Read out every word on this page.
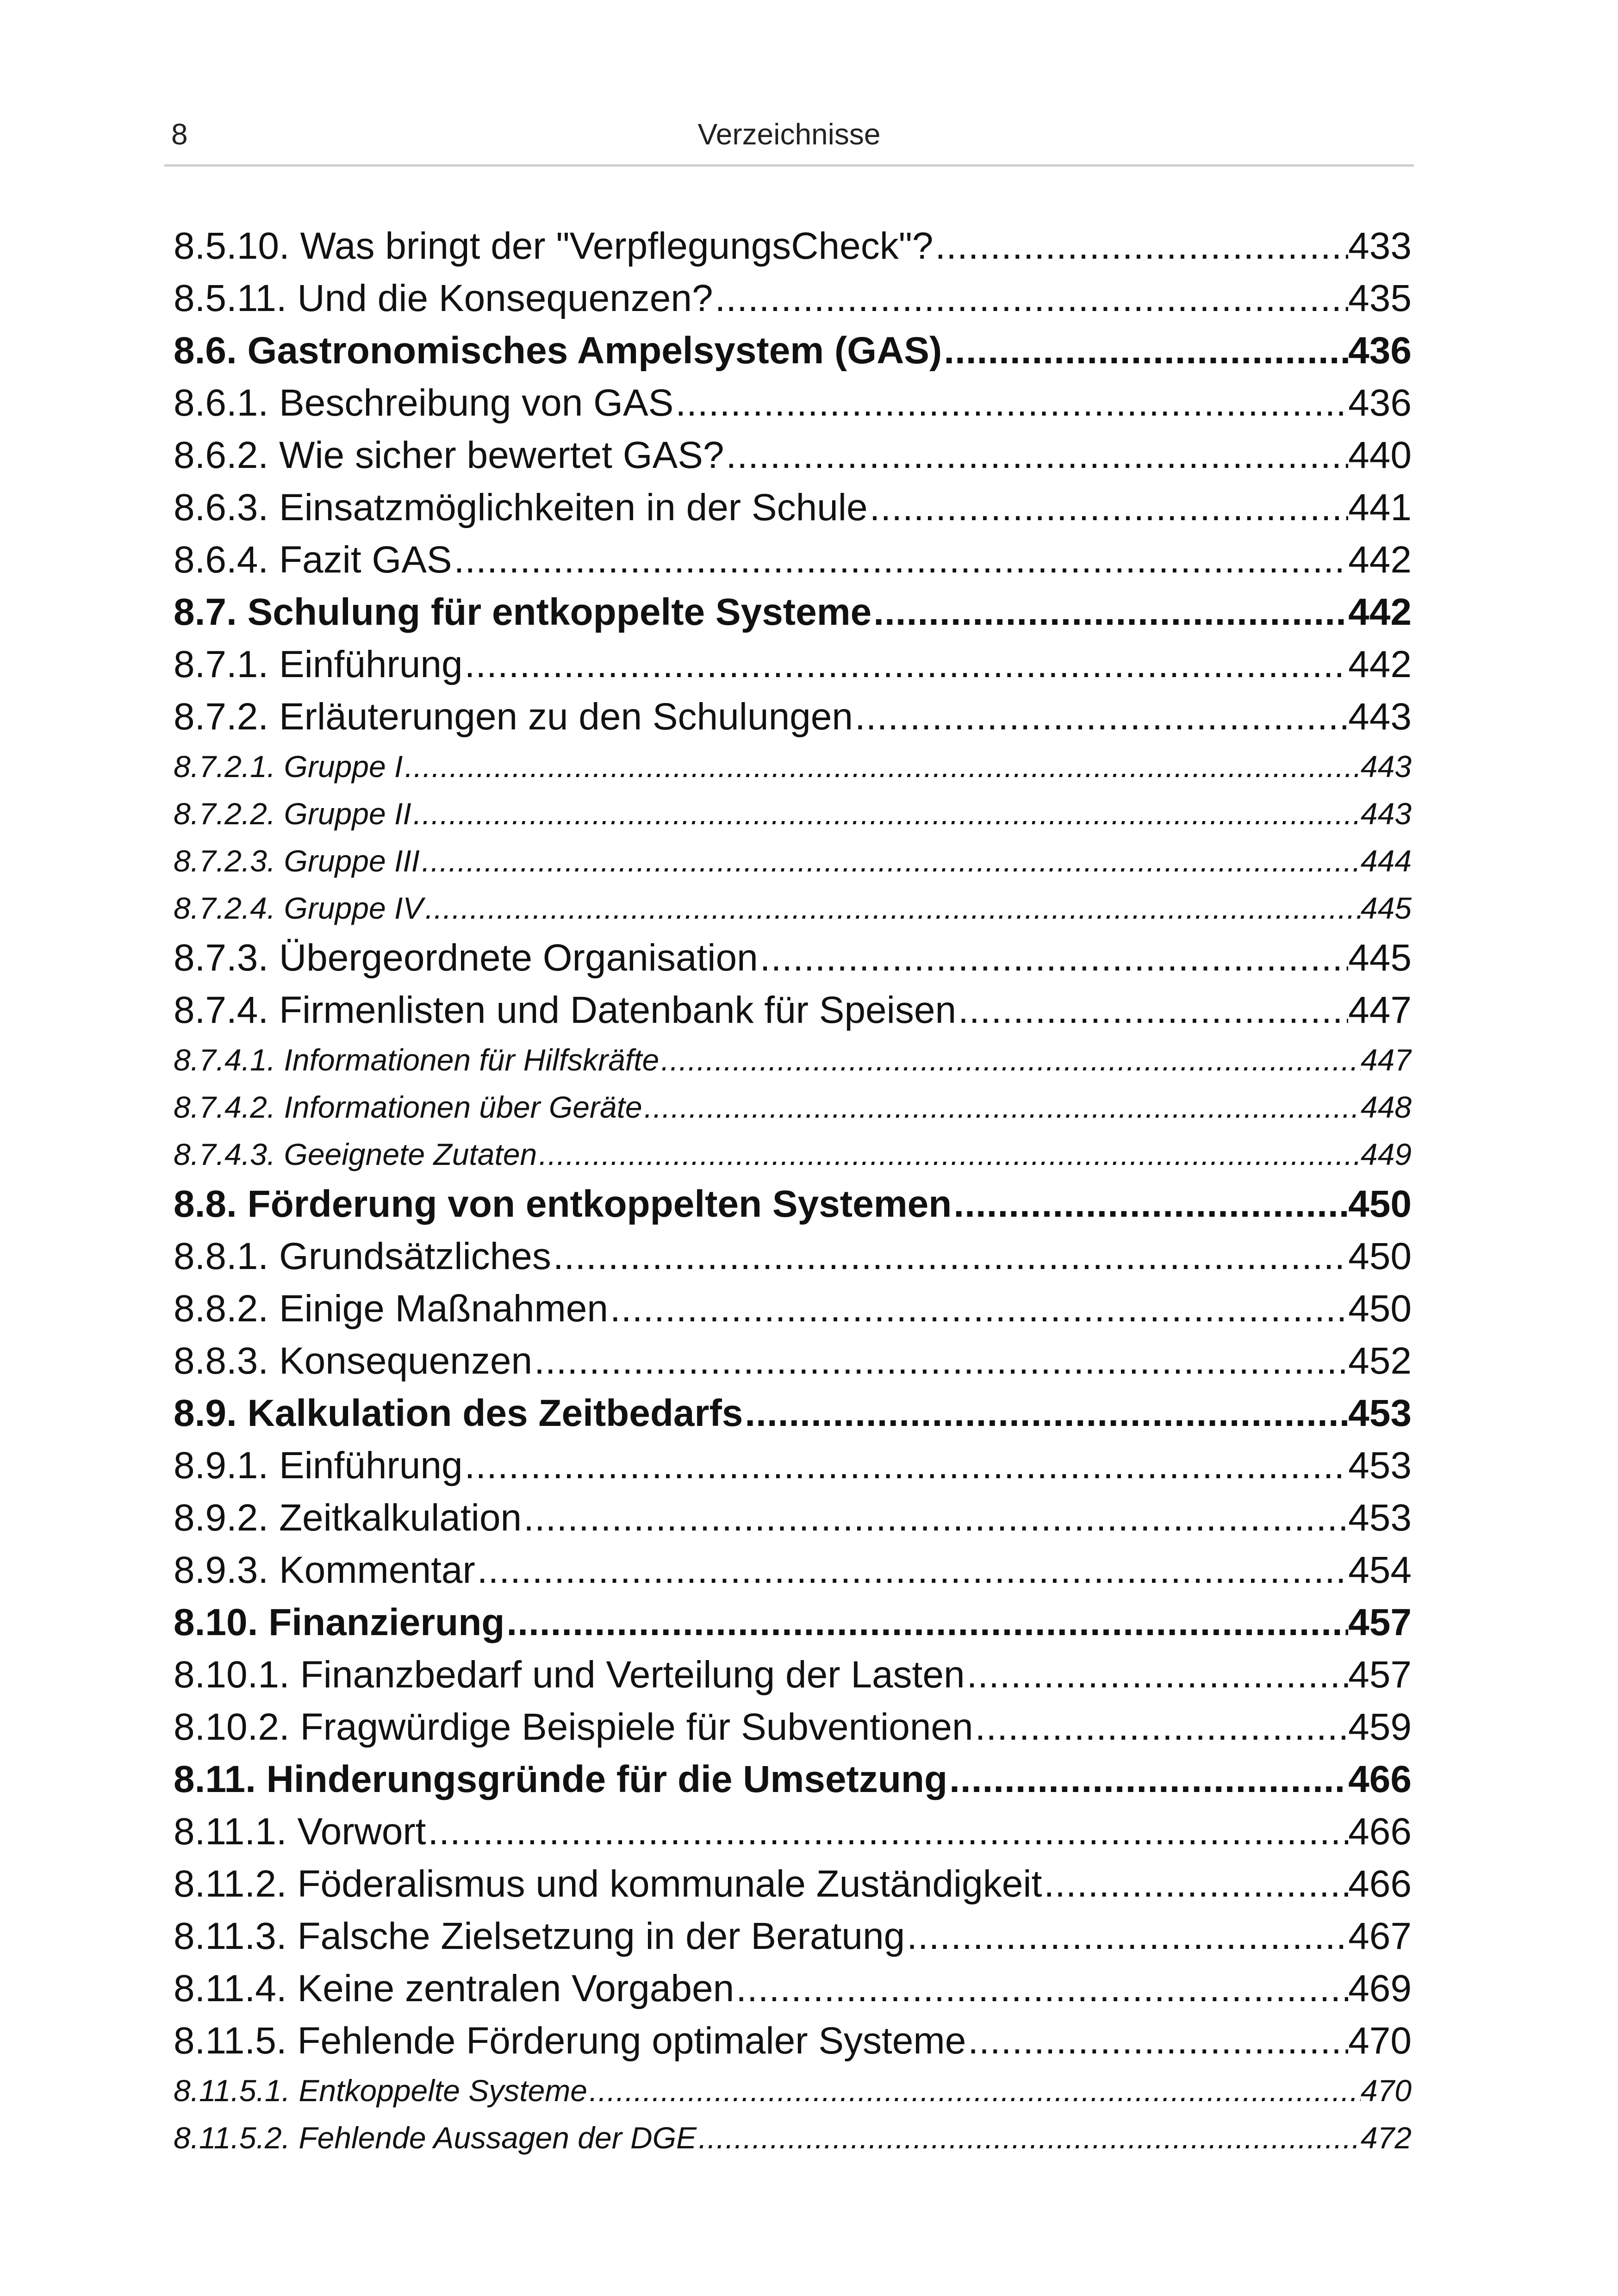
8	Verzeichnisse
8.5.10. Was bringt der "VerpflegungsCheck"? .....	433
8.5.11. Und die Konsequenzen? .....	435
8.6. Gastronomisches Ampelsystem (GAS) .....	436
8.6.1. Beschreibung von GAS .....	436
8.6.2. Wie sicher bewertet GAS? .....	440
8.6.3. Einsatzmöglichkeiten in der Schule .....	441
8.6.4. Fazit GAS .....	442
8.7. Schulung für entkoppelte Systeme .....	442
8.7.1. Einführung .....	442
8.7.2. Erläuterungen zu den Schulungen .....	443
8.7.2.1. Gruppe I .....	443
8.7.2.2. Gruppe II .....	443
8.7.2.3. Gruppe III .....	444
8.7.2.4. Gruppe IV .....	445
8.7.3. Übergeordnete Organisation .....	445
8.7.4. Firmenlisten und Datenbank für Speisen .....	447
8.7.4.1. Informationen für Hilfskräfte .....	447
8.7.4.2. Informationen über Geräte .....	448
8.7.4.3. Geeignete Zutaten .....	449
8.8. Förderung von entkoppelten Systemen .....	450
8.8.1. Grundsätzliches .....	450
8.8.2. Einige Maßnahmen .....	450
8.8.3. Konsequenzen .....	452
8.9. Kalkulation des Zeitbedarfs .....	453
8.9.1. Einführung .....	453
8.9.2. Zeitkalkulation .....	453
8.9.3. Kommentar .....	454
8.10. Finanzierung .....	457
8.10.1. Finanzbedarf und Verteilung der Lasten .....	457
8.10.2. Fragwürdige Beispiele für Subventionen .....	459
8.11. Hinderungsgründe für die Umsetzung .....	466
8.11.1. Vorwort .....	466
8.11.2. Föderalismus und kommunale Zuständigkeit .....	466
8.11.3. Falsche Zielsetzung in der Beratung .....	467
8.11.4. Keine zentralen Vorgaben .....	469
8.11.5. Fehlende Förderung optimaler Systeme .....	470
8.11.5.1. Entkoppelte Systeme .....	470
8.11.5.2. Fehlende Aussagen der DGE .....	472
